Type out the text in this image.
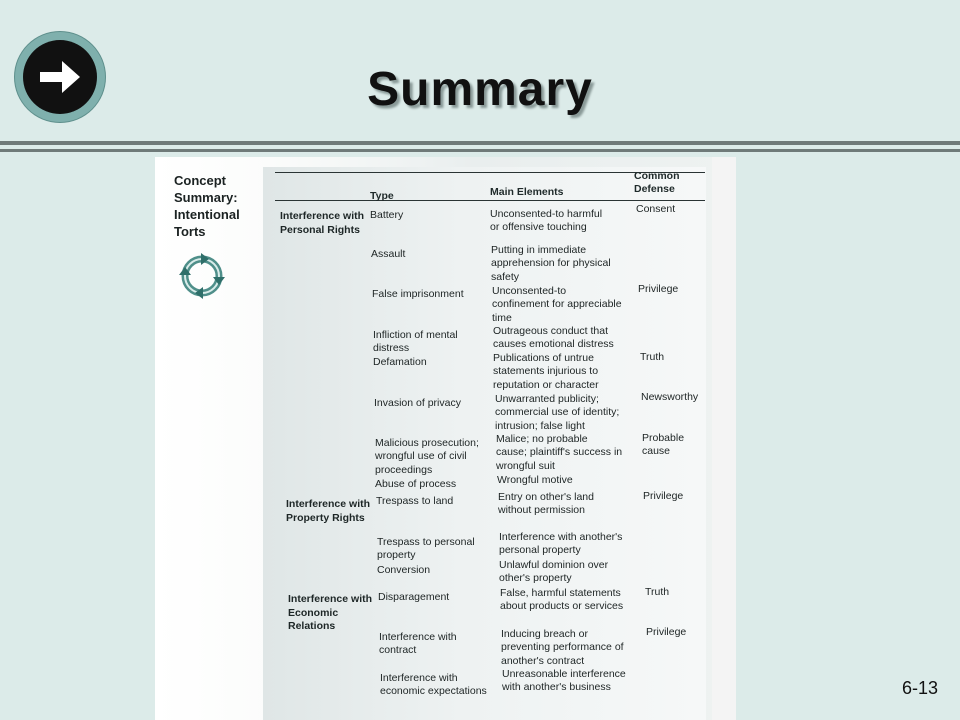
Summary
Concept Summary: Intentional Torts
Type	Main Elements
Common Defense
Interference with Personal Rights
Interference with Property Rights
Interference with Economic Relations
Battery
Assault
False imprisonment
Infliction of mental
distress
Defamation
Invasion of privacy
Malicious prosecution;
wrongful use of civil
proceedings
Abuse of process
Trespass to land
Trespass to personal
property
Conversion
Disparagement
Interference with
contract
Interference with
economic expectations
Unconsented-to harmful
or offensive touching
Putting in immediate
apprehension for physical
safety
Unconsented-to
confinement for appreciable
time
Outrageous conduct that
causes emotional distress
Publications of untrue
statements injurious to
reputation or character
Unwarranted publicity;
commercial use of identity;
intrusion; false light
Malice; no probable
cause; plaintiff's success in
wrongful suit
Wrongful motive
Entry on other's land
without permission
Interference with another's
personal property
Unlawful dominion over
other's property
False, harmful statements
about products or services
Inducing breach or
preventing performance of
another's contract
Unreasonable interference
with another's business
Consent
Privilege
Truth
Newsworthy
Probable
cause
Privilege
Truth
Privilege
6-13
